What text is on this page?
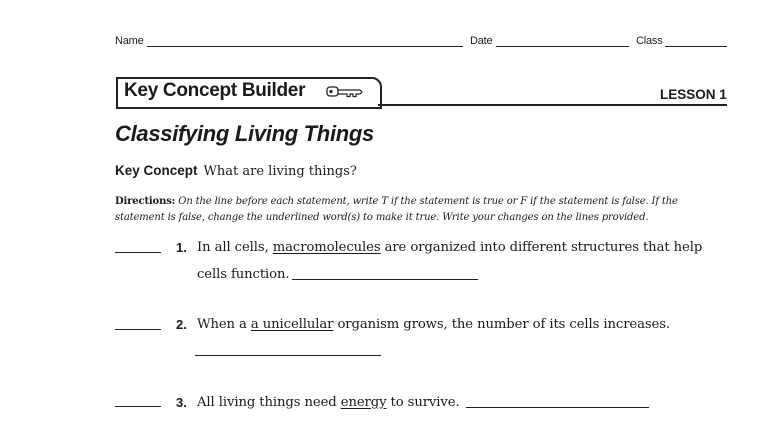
Name	Date	Class
Key Concept Builder	LESSON 1
Classifying Living Things
Key Concept What are living things?
Directions: On the line before each statement, write T if the statement is true or F if the statement is false. If the statement is false, change the underlined word(s) to make it true. Write your changes on the lines provided.
1. In all cells, macromolecules are organized into different structures that help
cells function.
2. When a a unicellular organism grows, the number of its cells increases.
3. All living things need energy to survive.
